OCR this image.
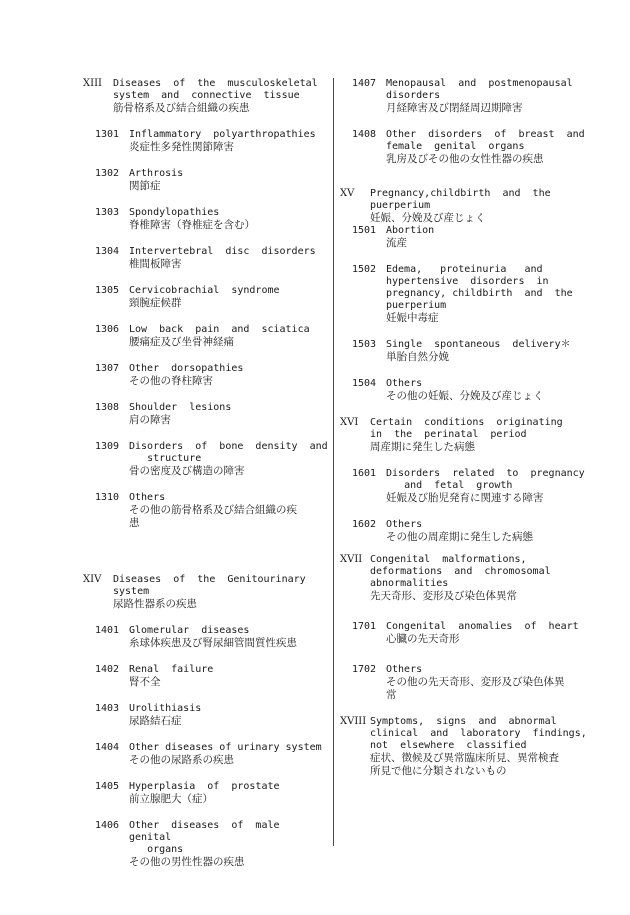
XIII Diseases  of  the  musculoskeletal
system  and  connective  tissue
筋骨格系及び結合組織の疾患
1301 Inflammatory  polyarthropathies
炎症性多発性関節障害
1302 Arthrosis
関節症
1303 Spondylopathies
脊椎障害（脊椎症を含む）
1304 Intervertebral  disc  disorders
椎間板障害
1305 Cervicobrachial  syndrome
頸腕症候群
1306 Low  back  pain  and  sciatica
腰痛症及び坐骨神経痛
1307 Other  dorsopathies
その他の脊柱障害
1308 Shoulder  lesions
肩の障害
1309 Disorders  of  bone  density  and
structure
骨の密度及び構造の障害
1310 Others
その他の筋骨格系及び結合組織の疾
患
XIV Diseases  of  the  Genitourinary
system
尿路性器系の疾患
1401 Glomerular  diseases
糸球体疾患及び腎尿細管間質性疾患
1402 Renal  failure
腎不全
1403 Urolithiasis
尿路結石症
1404 Other diseases of urinary system
その他の尿路系の疾患
1405 Hyperplasia  of  prostate
前立腺肥大（症）
1406 Other  diseases  of  male  genital
organs
その他の男性性器の疾患
1407 Menopausal  and  postmenopausal
disorders
月経障害及び閉経周辺期障害
1408 Other  disorders  of  breast  and
female  genital  organs
乳房及びその他の女性性器の疾患
XV Pregnancy,childbirth  and  the
puerperium
妊娠、分娩及び産じょく
1501 Abortion
流産
1502 Edema,   proteinuria   and
hypertensive  disorders  in
pregnancy, childbirth  and  the
puerperium
妊娠中毒症
1503 Single  spontaneous  delivery＊
単胎自然分娩
1504 Others
その他の妊娠、分娩及び産じょく
XVI Certain  conditions  originating
in  the  perinatal  period
周産期に発生した病態
1601 Disorders  related  to  pregnancy
and  fetal  growth
妊娠及び胎児発育に関連する障害
1602 Others
その他の周産期に発生した病態
XVII Congenital  malformations,
deformations  and  chromosomal
abnormalities
先天奇形、変形及び染色体異常
1701 Congenital  anomalies  of  heart
心臓の先天奇形
1702 Others
その他の先天奇形、変形及び染色体異
常
XVIII Symptoms,  signs  and  abnormal
clinical  and  laboratory  findings,
not  elsewhere  classified
症状、徴候及び異常臨床所見、異常検査
所見で他に分類されないもの
